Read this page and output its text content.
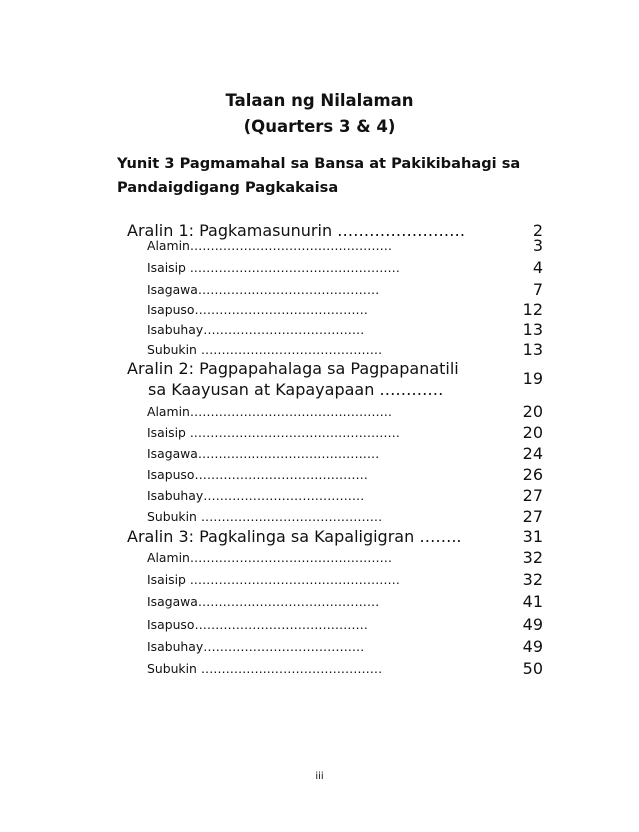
Talaan ng Nilalaman
(Quarters 3 & 4)
Yunit 3 Pagmamahal sa Bansa at Pakikibahagi sa
Pandaigdigang Pagkakaisa
Aralin 1: Pagkamasunurin ……………………	2
Alamin……………………………….…………	3
Isaisip .………………………….…….…………	4
Isagawa…………..…………………………	7
Isapuso……………………………………	12
Isabuhay…………………………………	13
Subukin ……………..………………………	13
Aralin 2: Pagpapahalaga sa Pagpapanatili
sa Kaayusan at Kapayapaan …………
19
Alamin……………………………….…………	20
Isaisip .………………………….…….…………	20
Isagawa…………..…………………………	24
Isapuso……………………………………	26
Isabuhay…………………………………	27
Subukin ……………..………………………	27
Aralin 3: Pagkalinga sa Kapaligigran ……..	31
Alamin……………………………….…………	32
Isaisip .………………………….…….…………	32
Isagawa…………..…………………………	41
Isapuso……………………………………	49
Isabuhay…………………………………	49
Subukin ……………..………………………	50
iii
